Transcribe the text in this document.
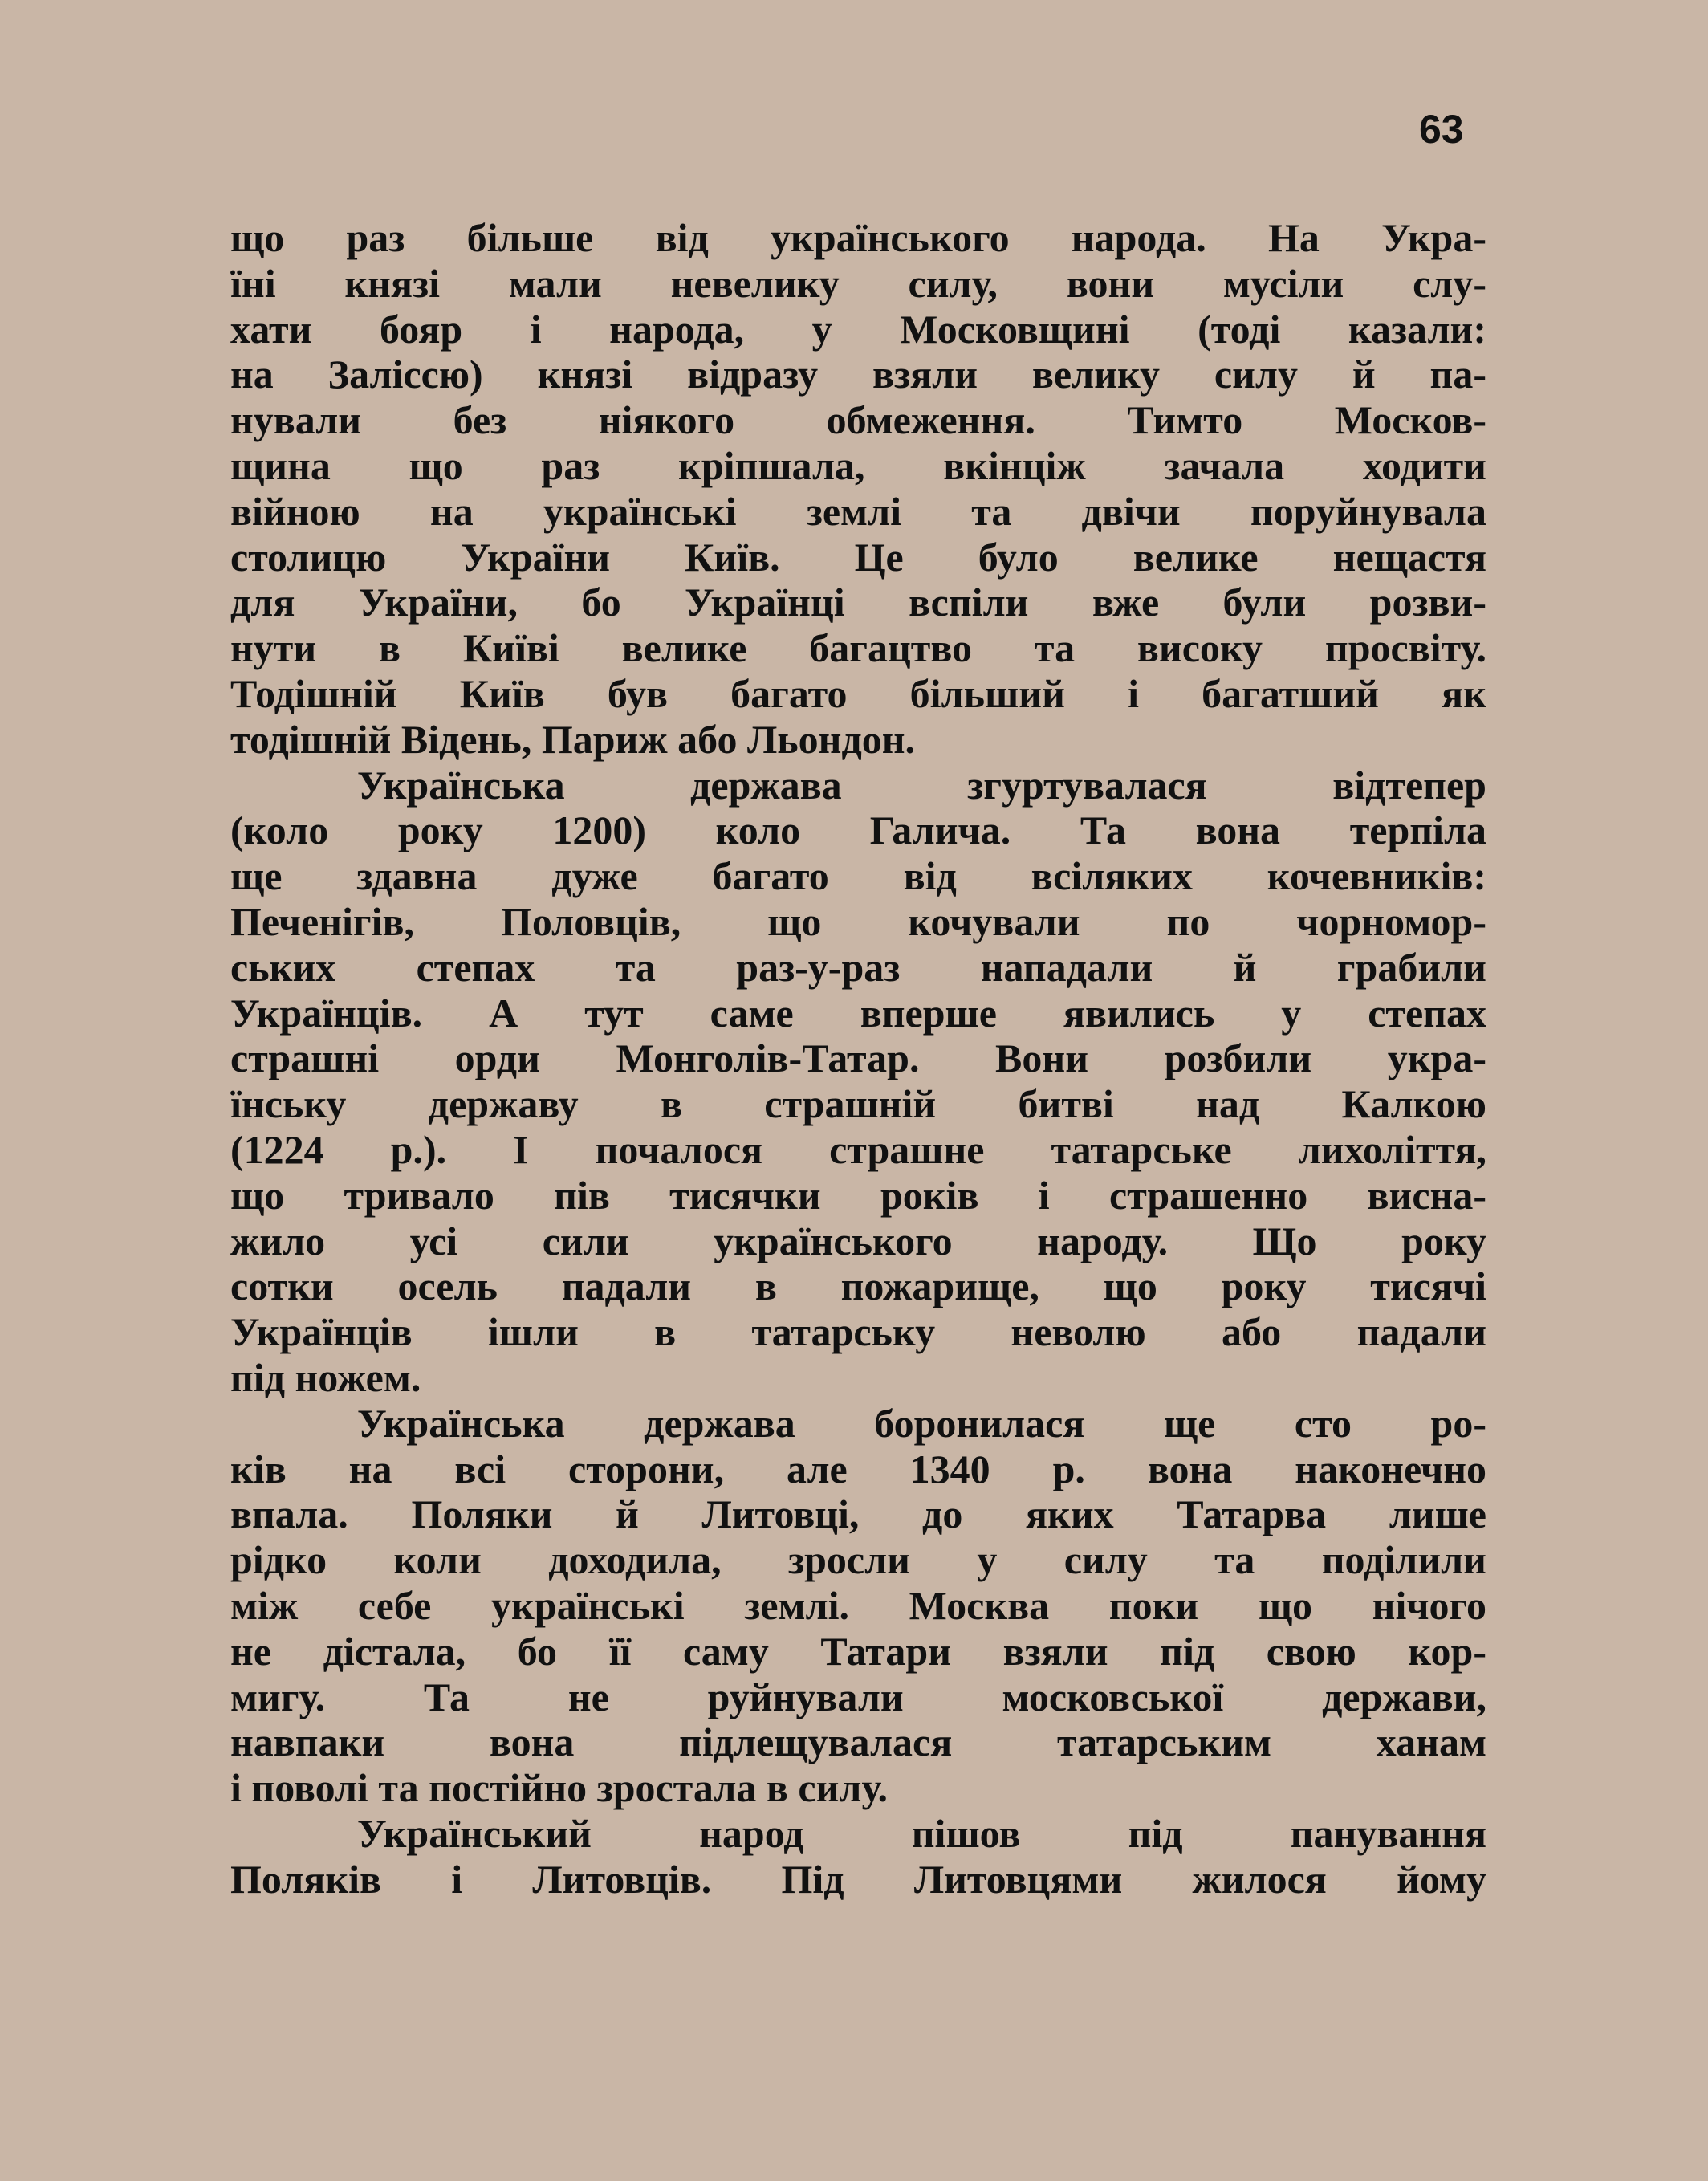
63
що раз більше від українського народа. На Укра-
їні князі мали невелику силу, вони мусіли слу-
хати бояр і народа, у Московщині (тоді казали:
на Заліссю) князі відразу взяли велику силу й па-
нували без ніякого обмеження. Тимто Москов-
щина що раз кріпшала, вкінціж зачала ходити
війною на українські землі та двічи поруйнувала
столицю України Київ. Це було велике нещастя
для України, бо Українці вспіли вже були розви-
нути в Київі велике багацтво та високу просвіту.
Тодішній Київ був багато більший і багатший як
тодішній Відень, Париж або Льондон.
Українська держава згуртувалася відтепер
(коло року 1200) коло Галича. Та вона терпіла
ще здавна дуже багато від всіляких кочевників:
Печенігів, Половців, що кочували по чорномор-
ських степах та раз-у-раз нападали й грабили
Українців. А тут саме вперше явились у степах
страшні орди Монголів-Татар. Вони розбили укра-
їнську державу в страшній битві над Калкою
(1224 р.). І почалося страшне татарське лихоліття,
що тривало пів тисячки років і страшенно висна-
жило усі сили українського народу. Що року
сотки осель падали в пожарище, що року тисячі
Українців ішли в татарську неволю або падали
під ножем.
Українська держава боронилася ще сто ро-
ків на всі сторони, але 1340 р. вона наконечно
впала. Поляки й Литовці, до яких Татарва лише
рідко коли доходила, зросли у силу та поділили
між себе українські землі. Москва поки що нічого
не дістала, бо її саму Татари взяли під свою кор-
мигу. Та не руйнували московської держави,
навпаки вона підлещувалася татарським ханам
і поволі та постійно зростала в силу.
Український народ пішов під панування
Поляків і Литовців. Під Литовцями жилося йому
